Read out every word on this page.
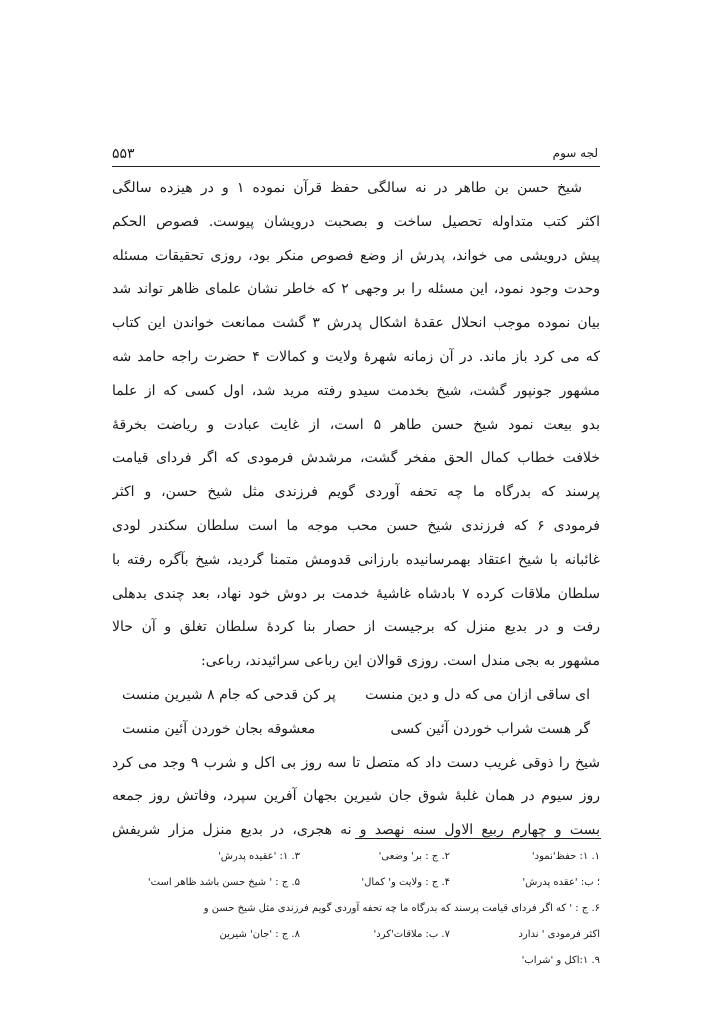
۵۵۳	لجه سوم
شیخ حسن بن طاهر در نه سالگی حفظ قرآن نموده ۱ و در هیزده سالگی
اکثر کتب متداوله تحصیل ساخت و بصحبت درویشان پیوست. فصوص الحکم
پیش درویشی می خواند، پدرش از وضع فصوص منکر بود، روزی تحقیقات مسئله
وحدت وجود نمود، این مسئله را بر وجهی ۲ که خاطر نشان علمای ظاهر تواند شد
بیان نموده موجب انحلال عقدهٔ اشکال پدرش ۳ گشت ممانعت خواندن این کتاب
که می کرد باز ماند. در آن زمانه شهرهٔ ولایت و کمالات ۴ حضرت راجه حامد شه
مشهور جونپور گشت، شیخ بخدمت سیدو رفته مرید شد، اول کسی که از علما
بدو بیعت نمود شیخ حسن طاهر ۵ است، از غایت عبادت و ریاضت بخرقهٔ
خلافت خطاب کمال الحق مفخر گشت، مرشدش فرمودی که اگر فردای قیامت
پرسند که بدرگاه ما چه تحفه آوردی گویم فرزندی مثل شیخ حسن، و اکثر
فرمودی ۶ که فرزندی شیخ حسن محب موجه ما است سلطان سکندر لودی
غائبانه با شیخ اعتقاد بهمرسانیده بارزانی قدومش متمنا گردید، شیخ بآگره رفته با
سلطان ملاقات کرده ۷ بادشاه غاشیهٔ خدمت بر دوش خود نهاد، بعد چندی بدهلی
رفت و در بدیع منزل که برجیست از حصار بنا کردهٔ سلطان تغلق و آن حالا
مشهور به بجی مندل است. روزی قوالان این رباعی سرائیدند، رباعی:
ای ساقی ازان می که دل و دین منست
پر کن قدحی که جام ۸ شیرین منست
گر هست شراب خوردن آئین کسی
معشوقه بجان خوردن آئین منست
شیخ را ذوقی غریب دست داد که متصل تا سه روز بی اکل و شرب ۹ وجد می کرد
روز سیوم در همان غلبهٔ شوق جان شیرین بجهان آفرین سپرد، وفاتش روز جمعه
بست و چهارم ربیع الاول سنه نهصد و نه هجری، در بدیع منزل مزار شریفش
۱. ۱: حفظ'نمود'
۲. ج : بر' وضعی'
۳. ۱: 'عقیده پدرش'
؛ ب: 'عقده پدرش'
۴. ج : ولایت و' کمال'
۵. ج : ' شیخ حسن باشد ظاهر است'
۶. ج : ' که اگر فردای قیامت پرسند که بدرگاه ما چه تحفه آوردی گویم فرزندی مثل شیخ حسن و
اکثر فرمودی ' ندارد
۷. ب: ملاقات'کرد'
۸. ج : 'جان' شیرین
۹. ۱:اکل و 'شراب'
